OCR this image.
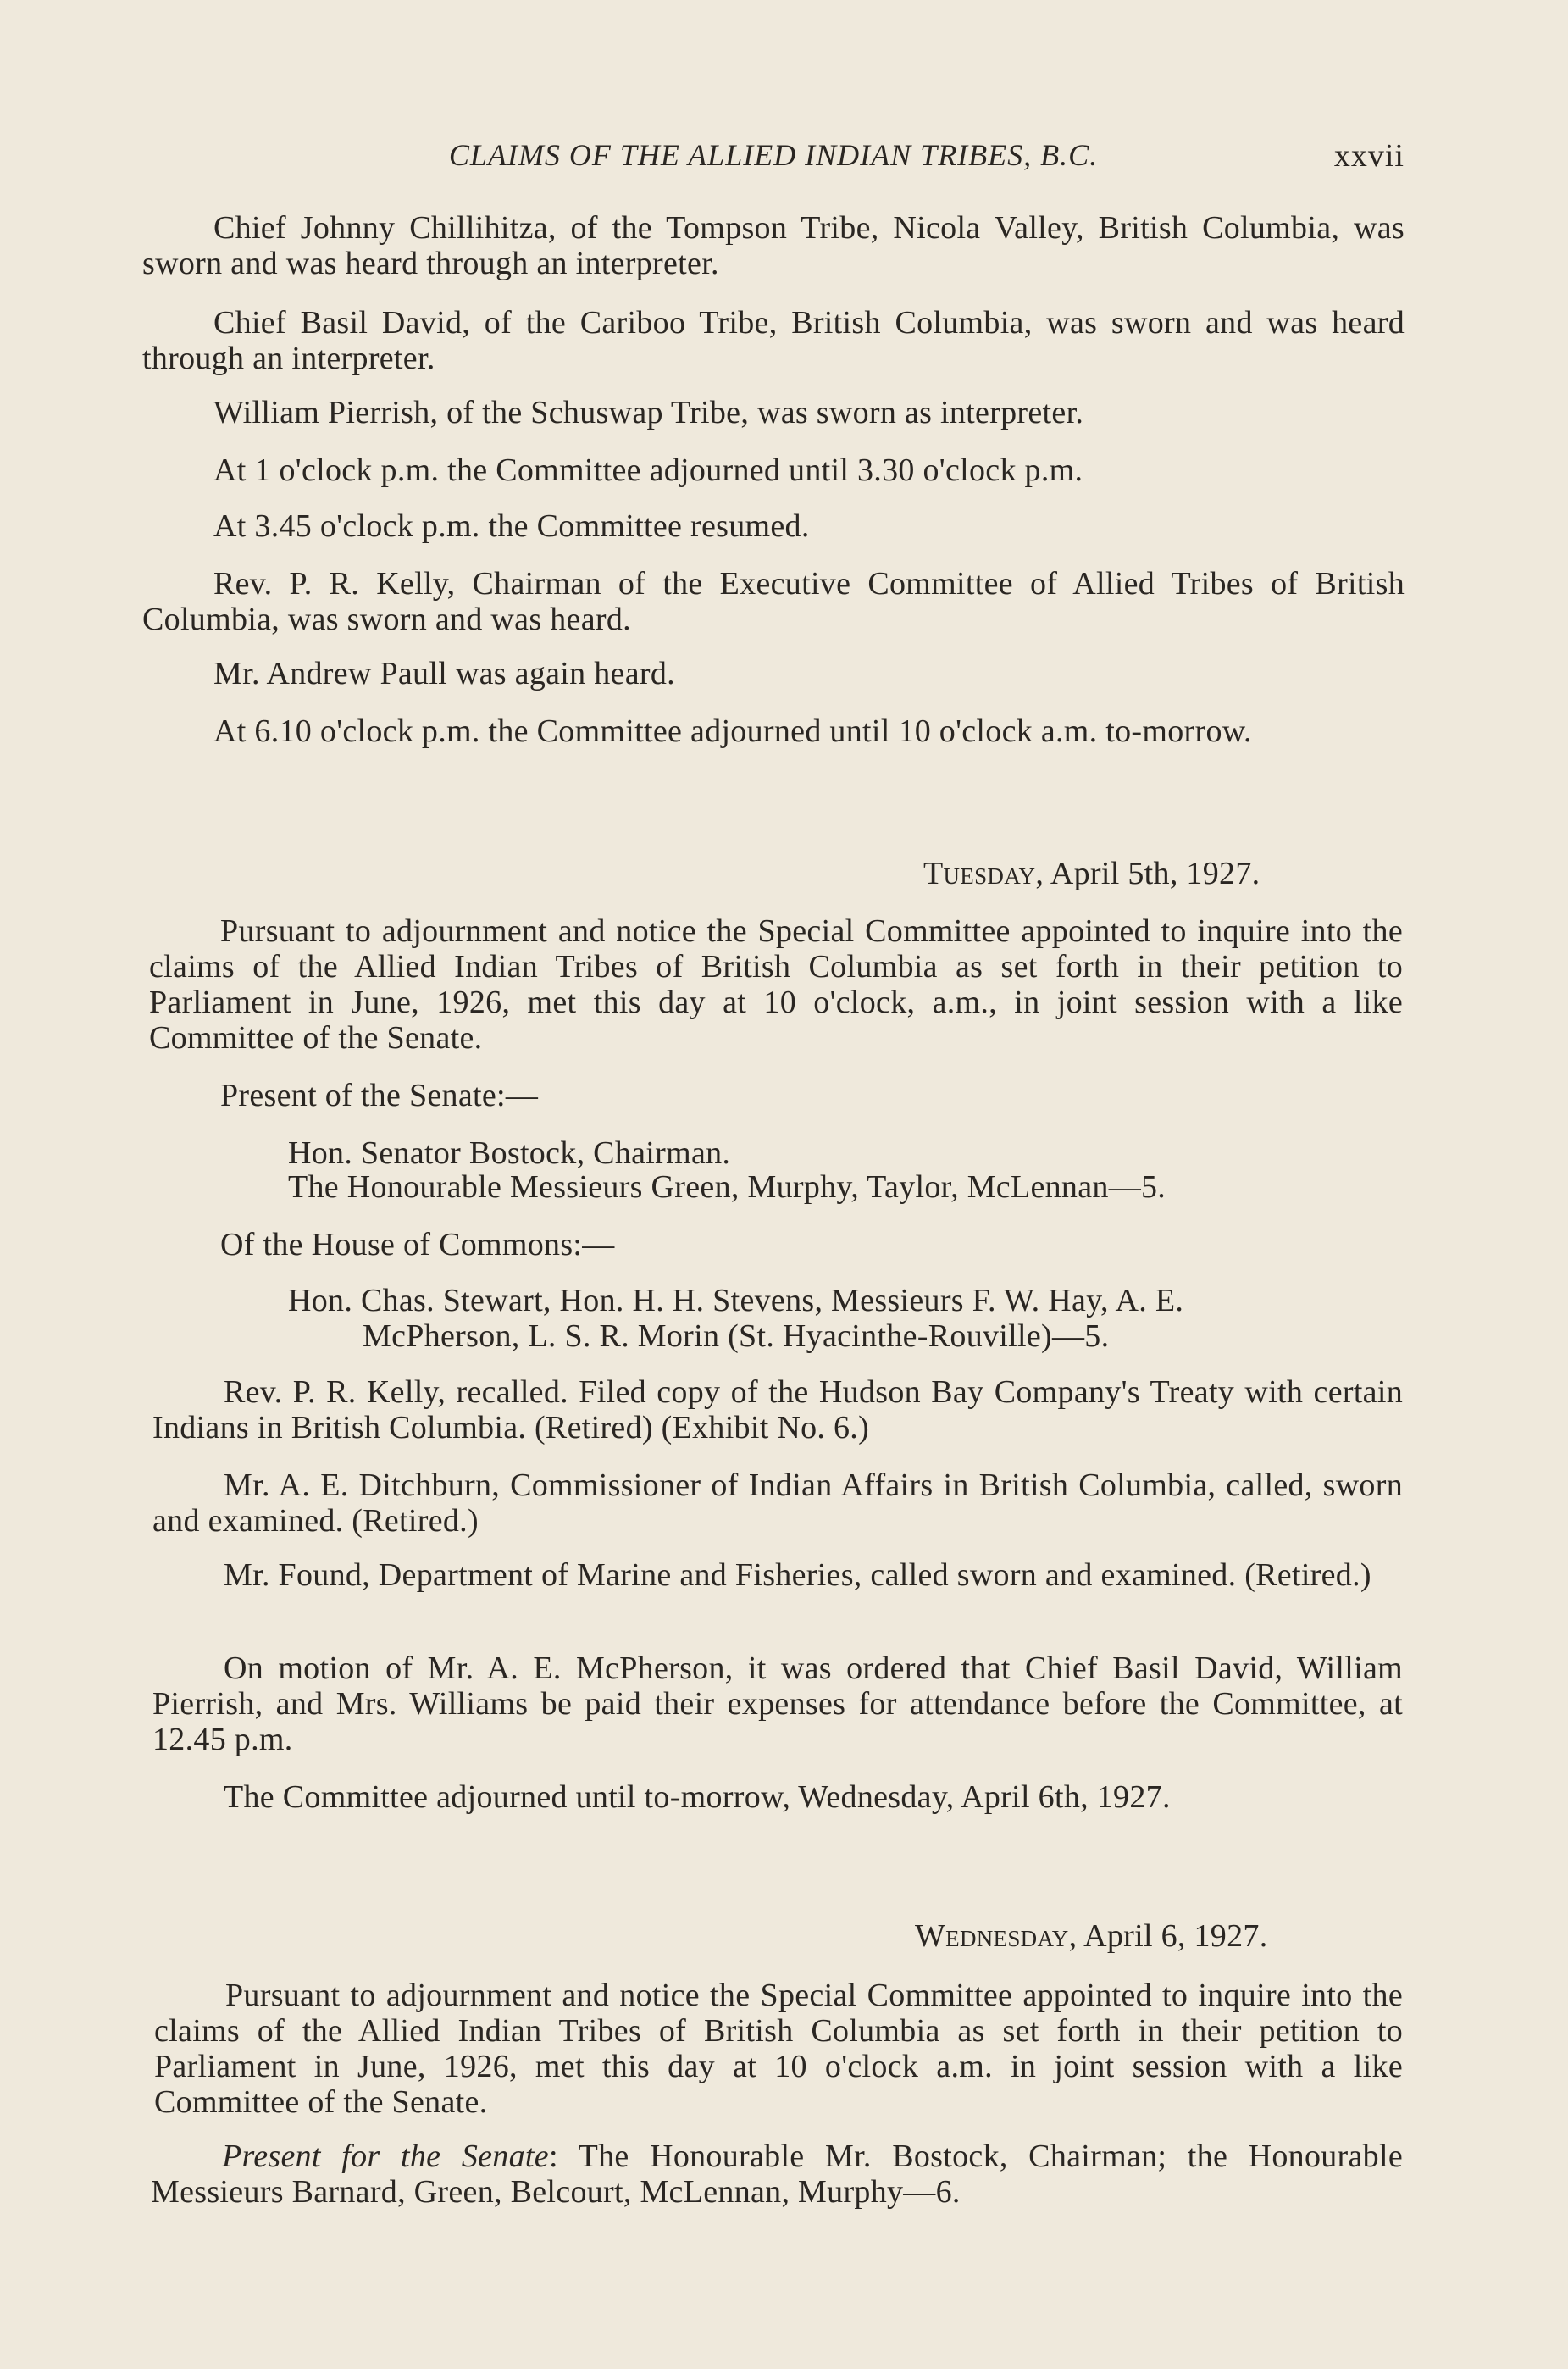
CLAIMS OF THE ALLIED INDIAN TRIBES, B.C.	xxvii

Chief Johnny Chillihitza, of the Tompson Tribe, Nicola Valley, British Columbia, was sworn and was heard through an interpreter.

Chief Basil David, of the Cariboo Tribe, British Columbia, was sworn and was heard through an interpreter.

William Pierrish, of the Schuswap Tribe, was sworn as interpreter.

At 1 o'clock p.m. the Committee adjourned until 3.30 o'clock p.m.

At 3.45 o'clock p.m. the Committee resumed.

Rev. P. R. Kelly, Chairman of the Executive Committee of Allied Tribes of British Columbia, was sworn and was heard.

Mr. Andrew Paull was again heard.

At 6.10 o'clock p.m. the Committee adjourned until 10 o'clock a.m. to-morrow.

Tuesday, April 5th, 1927.

Pursuant to adjournment and notice the Special Committee appointed to inquire into the claims of the Allied Indian Tribes of British Columbia as set forth in their petition to Parliament in June, 1926, met this day at 10 o'clock, a.m., in joint session with a like Committee of the Senate.

Present of the Senate:—
Hon. Senator Bostock, Chairman.
The Honourable Messieurs Green, Murphy, Taylor, McLennan—5.
Of the House of Commons:—
Hon. Chas. Stewart, Hon. H. H. Stevens, Messieurs F. W. Hay, A. E.
McPherson, L. S. R. Morin (St. Hyacinthe-Rouville)—5.

Rev. P. R. Kelly, recalled. Filed copy of the Hudson Bay Company's Treaty with certain Indians in British Columbia. (Retired) (Exhibit No. 6.)

Mr. A. E. Ditchburn, Commissioner of Indian Affairs in British Columbia, called, sworn and examined. (Retired.)

Mr. Found, Department of Marine and Fisheries, called sworn and examined. (Retired.)

On motion of Mr. A. E. McPherson, it was ordered that Chief Basil David, William Pierrish, and Mrs. Williams be paid their expenses for attendance before the Committee, at 12.45 p.m.

The Committee adjourned until to-morrow, Wednesday, April 6th, 1927.

Wednesday, April 6, 1927.

Pursuant to adjournment and notice the Special Committee appointed to inquire into the claims of the Allied Indian Tribes of British Columbia as set forth in their petition to Parliament in June, 1926, met this day at 10 o'clock a.m. in joint session with a like Committee of the Senate.

Present for the Senate: The Honourable Mr. Bostock, Chairman; the Honourable Messieurs Barnard, Green, Belcourt, McLennan, Murphy—6.
